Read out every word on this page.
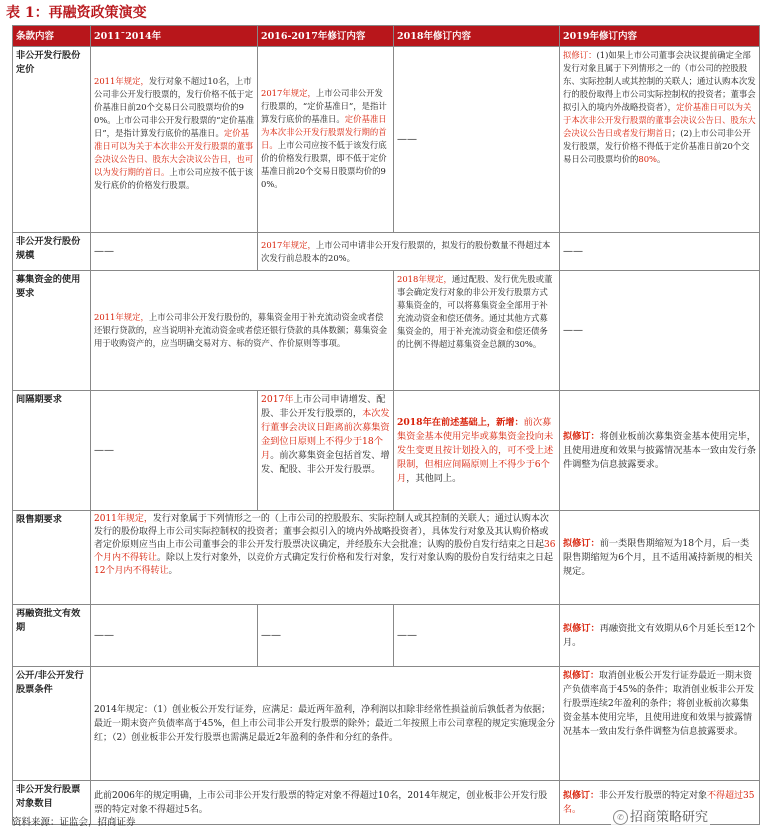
表 1：再融资政策演变
条款内容	2011¯2014年	2016-2017年修订内容	2018年修订内容	2019年修订内容
非公开发行股份定价	2011年规定，发行对象不超过10名，上市公司非公开发行股票的，发行价格不低于定价基准日前20个交易日公司股票均价的90%。上市公司非公开发行股票的“定价基准日”，是指计算发行底价的基准日。定价基准日可以为关于本次非公开发行股票的董事会决议公告日、股东大会决议公告日，也可以为发行期的首日。上市公司应按不低于该发行底价的价格发行股票。	2017年规定，上市公司非公开发行股票的，“定价基准日”，是指计算发行底价的基准日。定价基准日为本次非公开发行股票发行期的首日。上市公司应按不低于该发行底价的价格发行股票，即不低于定价基准日前20个交易日股票均价的90%。	——	拟修订：(1)如果上市公司董事会决议提前确定全部发行对象且属于下列情形之一的（市公司的控股股东、实际控制人或其控制的关联人；通过认购本次发行的股份取得上市公司实际控制权的投资者；董事会拟引入的境内外战略投资者），定价基准日可以为关于本次非公开发行股票的董事会决议公告日、股东大会决议公告日或者发行期首日；(2)上市公司非公开发行股票，发行价格不得低于定价基准日前20个交易日公司股票均价的80%。
非公开发行股份规模	——	2017年规定，上市公司申请非公开发行股票的，拟发行的股份数量不得超过本次发行前总股本的20%。		——
募集资金的使用要求	2011年规定，上市公司非公开发行股份的，募集资金用于补充流动资金或者偿还银行贷款的，应当说明补充流动资金或者偿还银行贷款的具体数额；募集资金用于收购资产的，应当明确交易对方、标的资产、作价原则等事项。		2018年规定，通过配股、发行优先股或董事会确定发行对象的非公开发行股票方式募集资金的，可以将募集资金全部用于补充流动资金和偿还债务。通过其他方式募集资金的，用于补充流动资金和偿还债务的比例不得超过募集资金总额的30%。	——
间隔期要求	——	2017年上市公司申请增发、配股、非公开发行股票的，本次发行董事会决议日距离前次募集资金到位日原则上不得少于18个月。前次募集资金包括首发、增发、配股、非公开发行股票。	2018年在前述基础上，新增：前次募集资金基本使用完毕或募集资金投向未发生变更且按计划投入的，可不受上述限制，但相应间隔原则上不得少于6个月，其他同上。	拟修订：将创业板前次募集资金基本使用完毕，且使用进度和效果与披露情况基本一致由发行条件调整为信息披露要求。
限售期要求	2011年规定，发行对象属于下列情形之一的（上市公司的控股股东、实际控制人或其控制的关联人；通过认购本次发行的股份取得上市公司实际控制权的投资者；董事会拟引入的境内外战略投资者），具体发行对象及其认购价格或者定价原则应当由上市公司董事会的非公开发行股票决议确定，并经股东大会批准；认购的股份自发行结束之日起36个月内不得转让。除以上发行对象外，以竞价方式确定发行价格和发行对象，发行对象认购的股份自发行结束之日起12个月内不得转让。			拟修订：前一类限售期缩短为18个月，后一类限售期缩短为6个月，且不适用减持新规的相关规定。
再融资批文有效期	——	——	——	拟修订：再融资批文有效期从6个月延长至12个月。
公开/非公开发行股票条件	2014年规定：（1）创业板公开发行证券，应满足：最近两年盈利，净利润以扣除非经常性损益前后孰低者为依据；最近一期末资产负债率高于45%，但上市公司非公开发行股票的除外；最近二年按照上市公司章程的规定实施现金分红；（2）创业板非公开发行股票也需满足最近2年盈利的条件和分红的条件。			拟修订：取消创业板公开发行证券最近一期末资产负债率高于45%的条件；取消创业板非公开发行股票连续2年盈利的条件；将创业板前次募集资金基本使用完毕，且使用进度和效果与披露情况基本一致由发行条件调整为信息披露要求。
非公开发行股票对象数目	此前2006年的规定明确，上市公司非公开发行股票的特定对象不得超过10名，2014年规定，创业板非公开发行股票的特定对象不得超过5名。			拟修订：非公开发行股票的特定对象不得超过35名。
资料来源：证监会，招商证券	✆ 招商策略研究
